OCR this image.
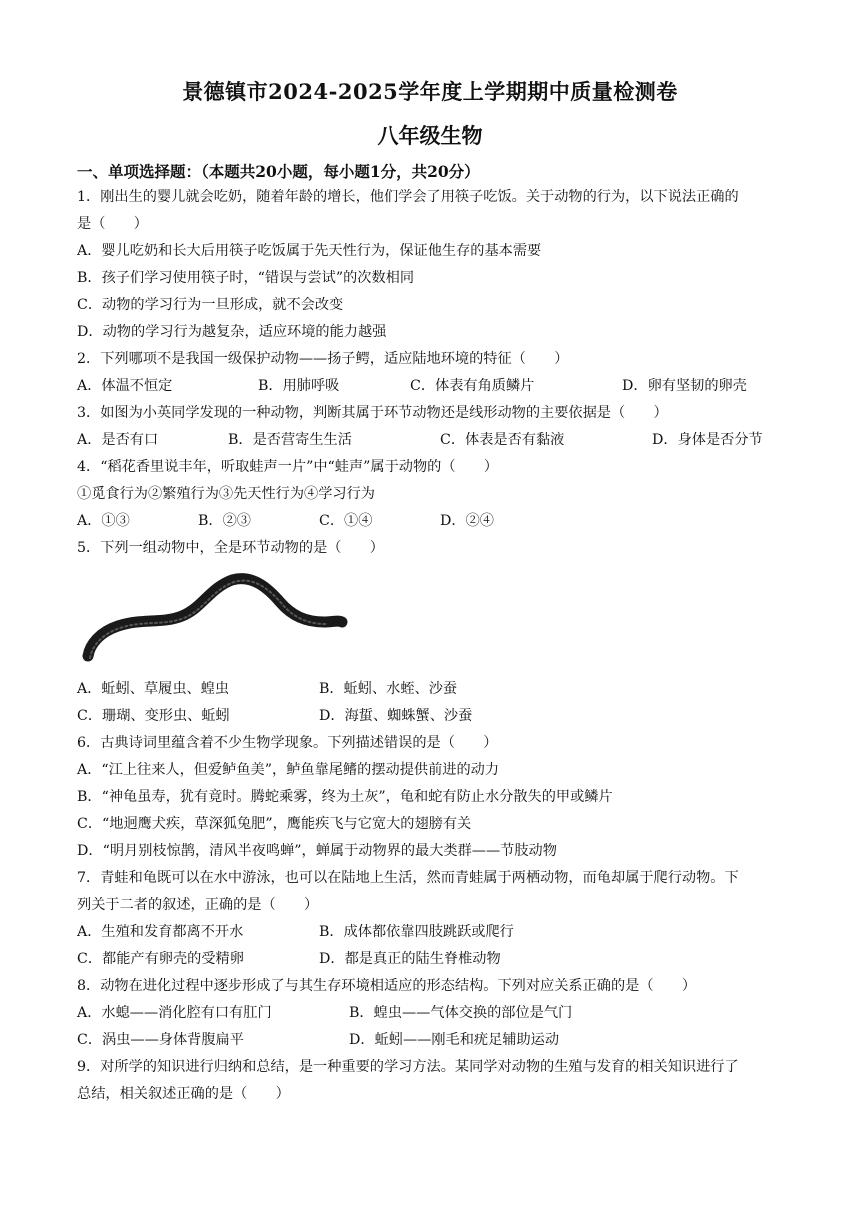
景德镇市2024-2025学年度上学期期中质量检测卷
八年级生物
一、单项选择题：（本题共20小题，每小题1分，共20分）
1．刚出生的婴儿就会吃奶，随着年龄的增长，他们学会了用筷子吃饭。关于动物的行为，以下说法正确的
是（　　）
A．婴儿吃奶和长大后用筷子吃饭属于先天性行为，保证他生存的基本需要
B．孩子们学习使用筷子时，“错误与尝试”的次数相同
C．动物的学习行为一旦形成，就不会改变
D．动物的学习行为越复杂，适应环境的能力越强
2．下列哪项不是我国一级保护动物——扬子鳄，适应陆地环境的特征（　　）
A．体温不恒定	B．用肺呼吸	C．体表有角质鳞片	D．卵有坚韧的卵壳
3．如图为小英同学发现的一种动物，判断其属于环节动物还是线形动物的主要依据是（　　）
A．是否有口	B．是否营寄生生活	C．体表是否有黏液	D．身体是否分节
4．“稻花香里说丰年，听取蛙声一片”中“蛙声”属于动物的（　　）
①觅食行为②繁殖行为③先天性行为④学习行为
A．①③	B．②③	C．①④	D．②④
5．下列一组动物中，全是环节动物的是（　　）
A．蚯蚓、草履虫、蝗虫	B．蚯蚓、水蛭、沙蚕
C．珊瑚、变形虫、蚯蚓	D．海蜇、蜘蛛蟹、沙蚕
6．古典诗词里蕴含着不少生物学现象。下列描述错误的是（　　）
A．“江上往来人，但爱鲈鱼美”，鲈鱼靠尾鳍的摆动提供前进的动力
B．“神龟虽寿，犹有竟时。腾蛇乘雾，终为土灰”，龟和蛇有防止水分散失的甲或鳞片
C．“地迥鹰犬疾，草深狐兔肥”，鹰能疾飞与它宽大的翅膀有关
D．“明月别枝惊鹊，清风半夜鸣蝉”，蝉属于动物界的最大类群——节肢动物
7．青蛙和龟既可以在水中游泳，也可以在陆地上生活，然而青蛙属于两栖动物，而龟却属于爬行动物。下
列关于二者的叙述，正确的是（　　）
A．生殖和发育都离不开水	B．成体都依靠四肢跳跃或爬行
C．都能产有卵壳的受精卵	D．都是真正的陆生脊椎动物
8．动物在进化过程中逐步形成了与其生存环境相适应的形态结构。下列对应关系正确的是（　　）
A．水螅——消化腔有口有肛门	B．蝗虫——气体交换的部位是气门
C．涡虫——身体背腹扁平	D．蚯蚓——刚毛和疣足辅助运动
9．对所学的知识进行归纳和总结，是一种重要的学习方法。某同学对动物的生殖与发育的相关知识进行了
总结，相关叙述正确的是（　　）
